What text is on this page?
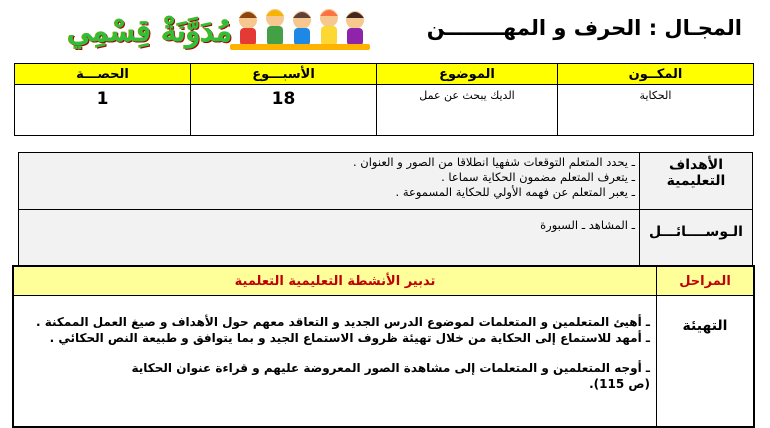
مُدَوَّنَةْ قِسْمِي	المجـال : الحرف و المهــــــــن
المكــون	الموضوع	الأسبـــوع	الحصـــة
الحكاية	الديك يبحث عن عمل	18	1
الأهداف التعليمية	ـ يحدد المتعلم التوقعات شفهيا انطلاقا من الصور و العنوان .
ـ يتعرف المتعلم مضمون الحكاية سماعا .
ـ يعبر المتعلم عن فهمه الأولي للحكاية المسموعة .

الـوســــائـــل	ـ المشاهد ـ السبورة
المراحل	تدبير الأنشطة التعليمية التعلمية
التهيئة	ـ أهيئ المتعلمين و المتعلمات لموضوع الدرس الجديد و التعاقد معهم حول الأهداف و صيغ العمل الممكنة .
ـ أمهد للاستماع إلى الحكاية من خلال تهيئة ظروف الاستماع الجيد و بما يتوافق و طبيعة النص الحكائي .
ـ أوجه المتعلمين و المتعلمات إلى مشاهدة الصور المعروضة عليهم و قراءة عنوان الحكاية
(ص 115).
